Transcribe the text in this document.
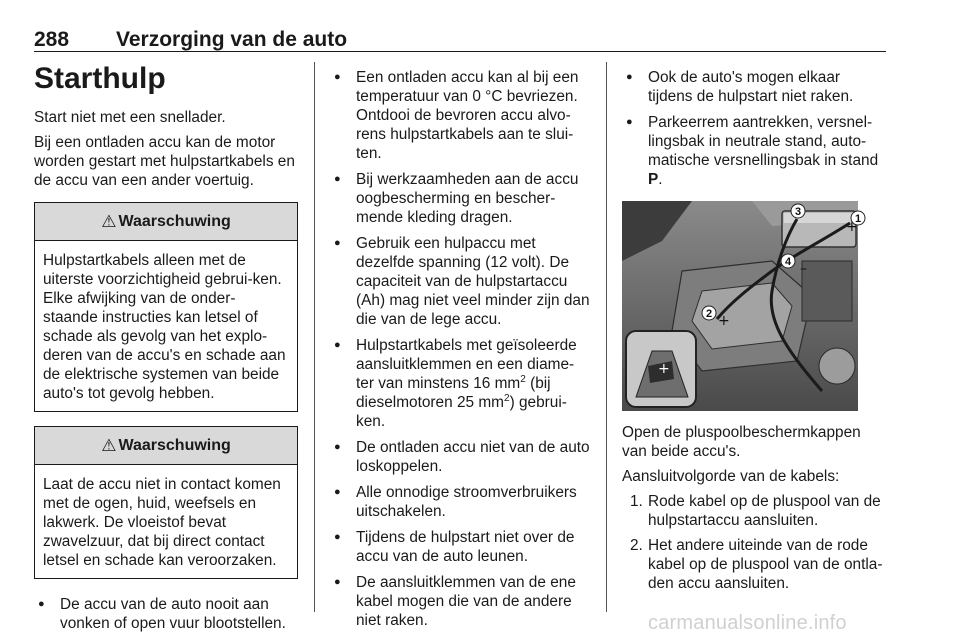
288 Verzorging van de auto
Starthulp

Start niet met een snellader.

Bij een ontladen accu kan de motor worden gestart met hulpstartkabels en de accu van een ander voertuig.

⚠ Waarschuwing
Hulpstartkabels alleen met de uiterste voorzichtigheid gebrui-ken. Elke afwijking van de onder-staande instructies kan letsel of schade als gevolg van het explo-deren van de accu's en schade aan de elektrische systemen van beide auto's tot gevolg hebben.
⚠ Waarschuwing
Laat de accu niet in contact komen met de ogen, huid, weefsels en lakwerk. De vloeistof bevat zwavelzuur, dat bij direct contact letsel en schade kan veroorzaken.
● De accu van de auto nooit aan vonken of open vuur blootstellen.
● Een ontladen accu kan al bij een temperatuur van 0 °C bevriezen. Ontdooi de bevroren accu alvo-rens hulpstartkabels aan te slui-ten.
● Bij werkzaamheden aan de accu oogbescherming en bescher-mende kleding dragen.
● Gebruik een hulpaccu met dezelfde spanning (12 volt). De capaciteit van de hulpstartaccu (Ah) mag niet veel minder zijn dan die van de lege accu.
● Hulpstartkabels met geïsoleerde aansluitklemmen en een diame-ter van minstens 16 $mm^2$ (bij dieselmotoren 25 $mm^2$) gebrui-ken.
● De ontladen accu niet van de auto loskoppelen.
● Alle onnodige stroomverbruikers uitschakelen.
● Tijdens de hulpstart niet over de accu van de auto leunen.
● De aansluitklemmen van de ene kabel mogen die van de andere niet raken.
● Ook de auto's mogen elkaar tijdens de hulpstart niet raken.
● Parkeerrem aantrekken, versnel-lingsbak in neutrale stand, auto-matische versnellingsbak in stand P.
1
2
3
4
+
–
+
+

Open de pluspoolbeschermkappen van beide accu's.

Aansluitvolgorde van de kabels:

1. Rode kabel op de pluspool van de hulpstartaccu aansluiten.
2. Het andere uiteinde van de rode kabel op de pluspool van de ontla-den accu aansluiten.
carmanualsonline.info
